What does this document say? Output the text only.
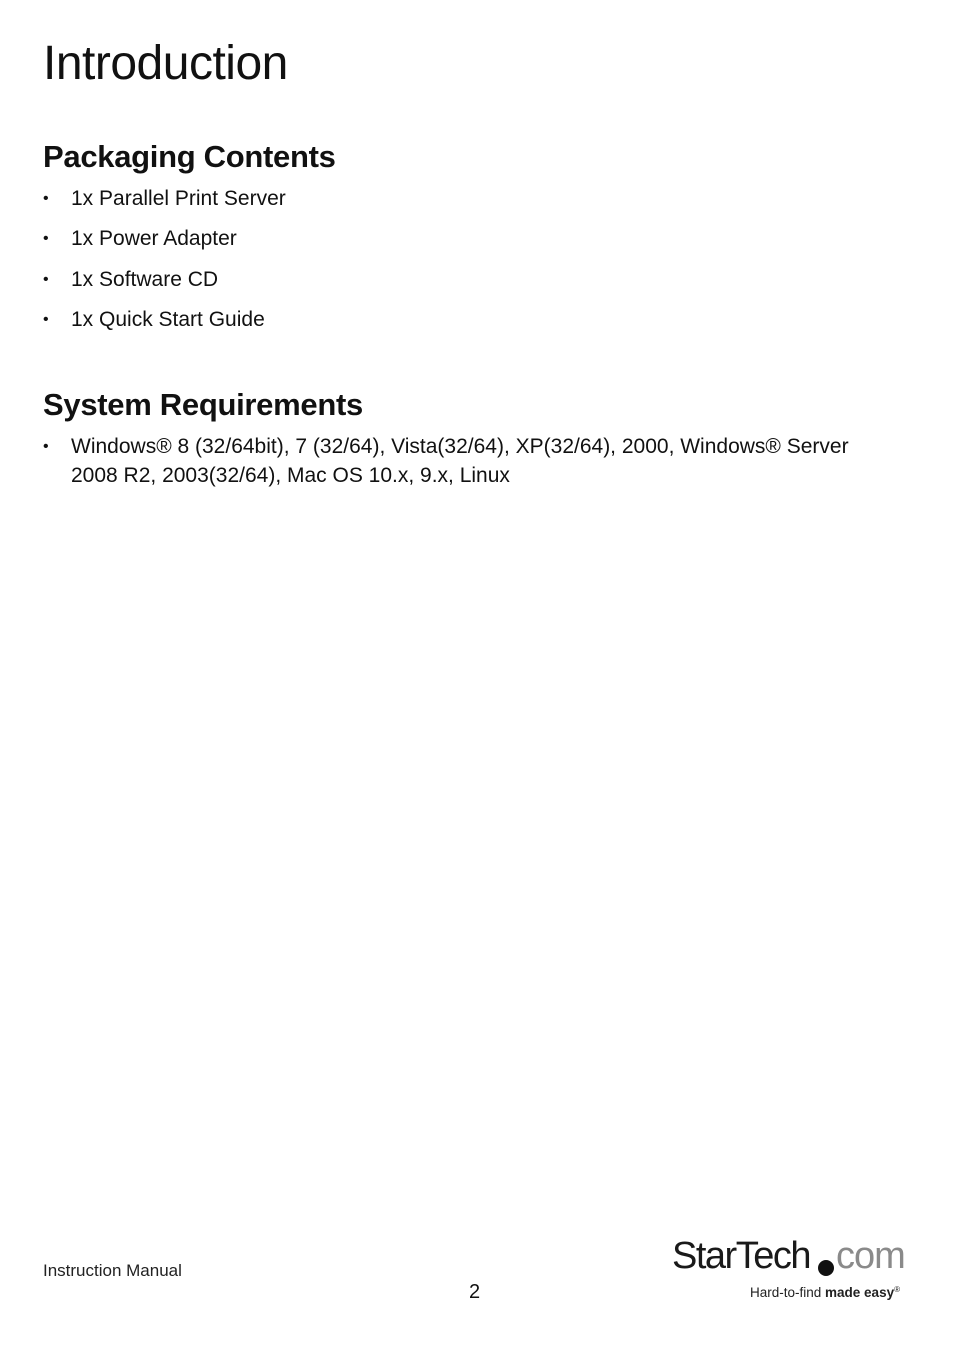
Introduction
Packaging Contents
• 1x Parallel Print Server
• 1x Power Adapter
• 1x Software CD
• 1x Quick Start Guide
System Requirements
• Windows® 8 (32/64bit), 7 (32/64), Vista(32/64), XP(32/64), 2000, Windows® Server 2008 R2, 2003(32/64), Mac OS 10.x, 9.x, Linux
Instruction Manual
2
StarTech com
Hard-to-find made easy®
